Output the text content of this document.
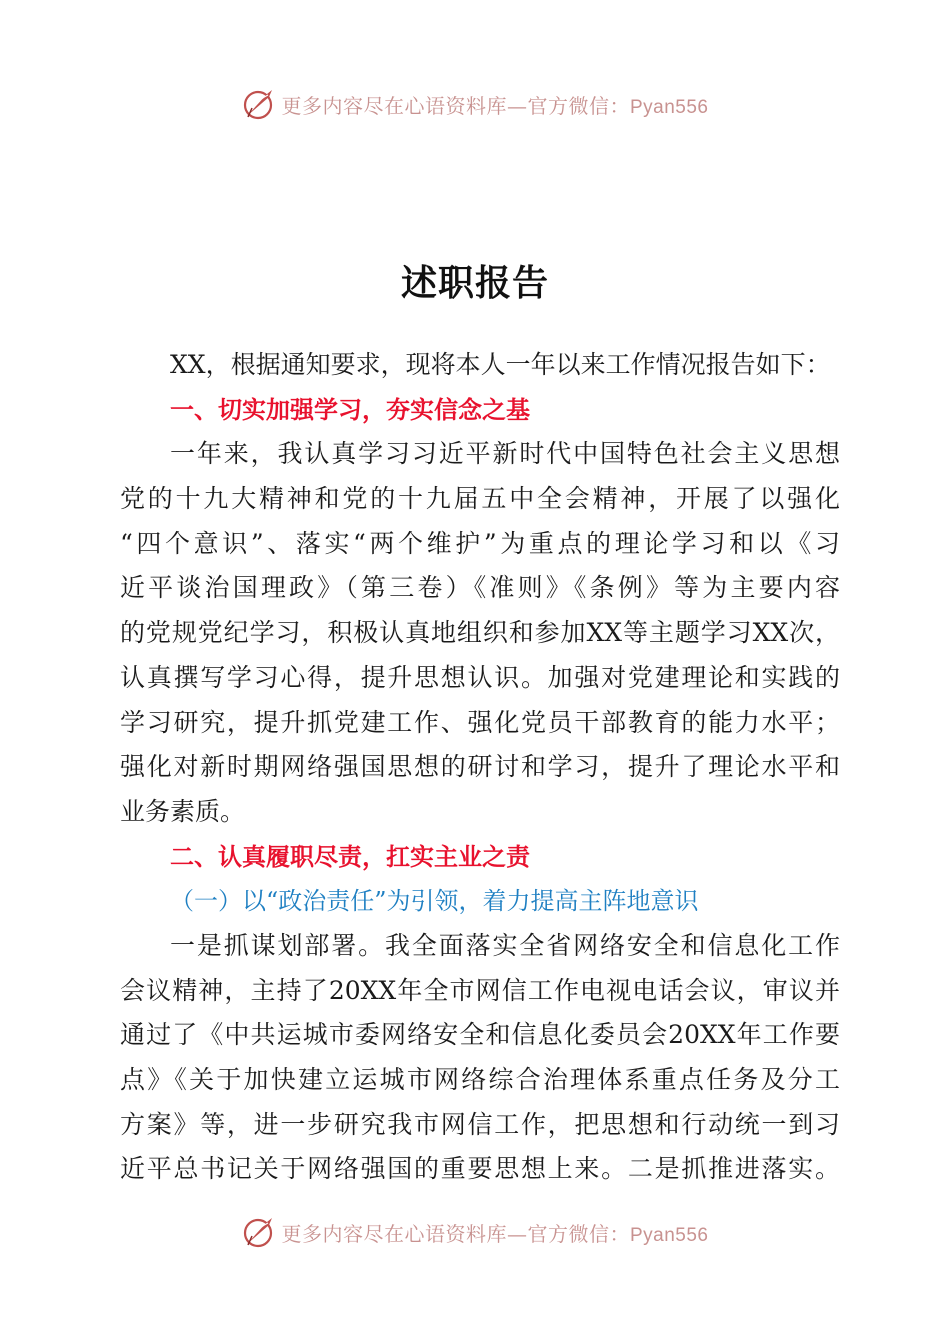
更多内容尽在心语资料库—官方微信：Pyan556
述职报告
XX，根据通知要求，现将本人一年以来工作情况报告如下：
一、切实加强学习，夯实信念之基
一年来，我认真学习习近平新时代中国特色社会主义思想
党的十九大精神和党的十九届五中全会精神，开展了以强化
“四个意识”、落实“两个维护”为重点的理论学习和以《习
近平谈治国理政》（第三卷）《准则》《条例》等为主要内容
的党规党纪学习，积极认真地组织和参加XX等主题学习XX次，
认真撰写学习心得，提升思想认识。加强对党建理论和实践的
学习研究，提升抓党建工作、强化党员干部教育的能力水平；
强化对新时期网络强国思想的研讨和学习，提升了理论水平和
业务素质。
二、认真履职尽责，扛实主业之责
（一）以“政治责任”为引领，着力提高主阵地意识
一是抓谋划部署。我全面落实全省网络安全和信息化工作
会议精神，主持了20XX年全市网信工作电视电话会议，审议并
通过了《中共运城市委网络安全和信息化委员会20XX年工作要
点》《关于加快建立运城市网络综合治理体系重点任务及分工
方案》等，进一步研究我市网信工作，把思想和行动统一到习
近平总书记关于网络强国的重要思想上来。二是抓推进落实。
更多内容尽在心语资料库—官方微信：Pyan556
